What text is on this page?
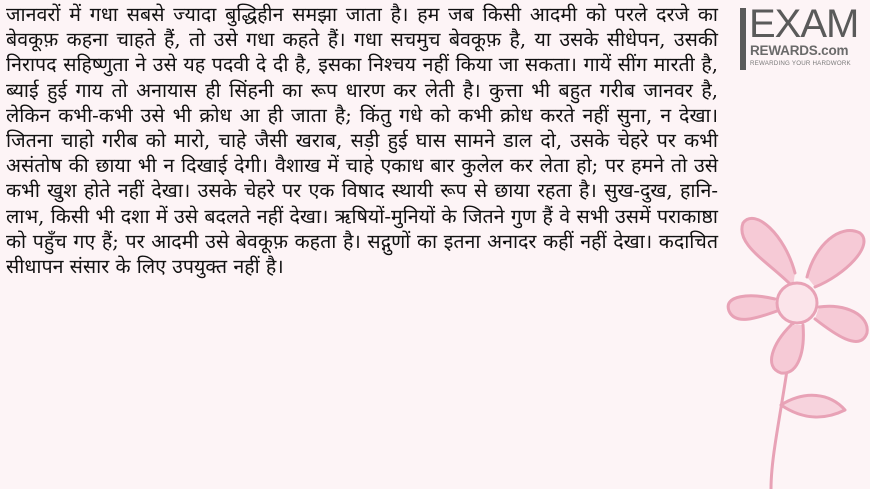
जानवरों में गधा सबसे ज्यादा बुद्धिहीन समझा जाता है। हम जब किसी आदमी को परले दरजे का बेवकूफ़ कहना चाहते हैं, तो उसे गधा कहते हैं। गधा सचमुच बेवकूफ़ है, या उसके सीधेपन, उसकी निरापद सहिष्णुता ने उसे यह पदवी दे दी है, इसका निश्चय नहीं किया जा सकता। गायें सींग मारती है, ब्याई हुई गाय तो अनायास ही सिंहनी का रूप धारण कर लेती है। कुत्ता भी बहुत गरीब जानवर है, लेकिन कभी-कभी उसे भी क्रोध आ ही जाता है; किंतु गधे को कभी क्रोध करते नहीं सुना, न देखा। जितना चाहो गरीब को मारो, चाहे जैसी खराब, सड़ी हुई घास सामने डाल दो, उसके चेहरे पर कभी असंतोष की छाया भी न दिखाई देगी। वैशाख में चाहे एकाध बार कुलेल कर लेता हो; पर हमने तो उसे कभी खुश होते नहीं देखा। उसके चेहरे पर एक विषाद स्थायी रूप से छाया रहता है। सुख-दुख, हानि-लाभ, किसी भी दशा में उसे बदलते नहीं देखा। ऋषियों-मुनियों के जितने गुण हैं वे सभी उसमें पराकाष्ठा को पहुँच गए हैं; पर आदमी उसे बेवकूफ़ कहता है। सद्गुणों का इतना अनादर कहीं नहीं देखा। कदाचित सीधापन संसार के लिए उपयुक्त नहीं है।

EXAM
REWARDS.com
REWARDING YOUR HARDWORK
